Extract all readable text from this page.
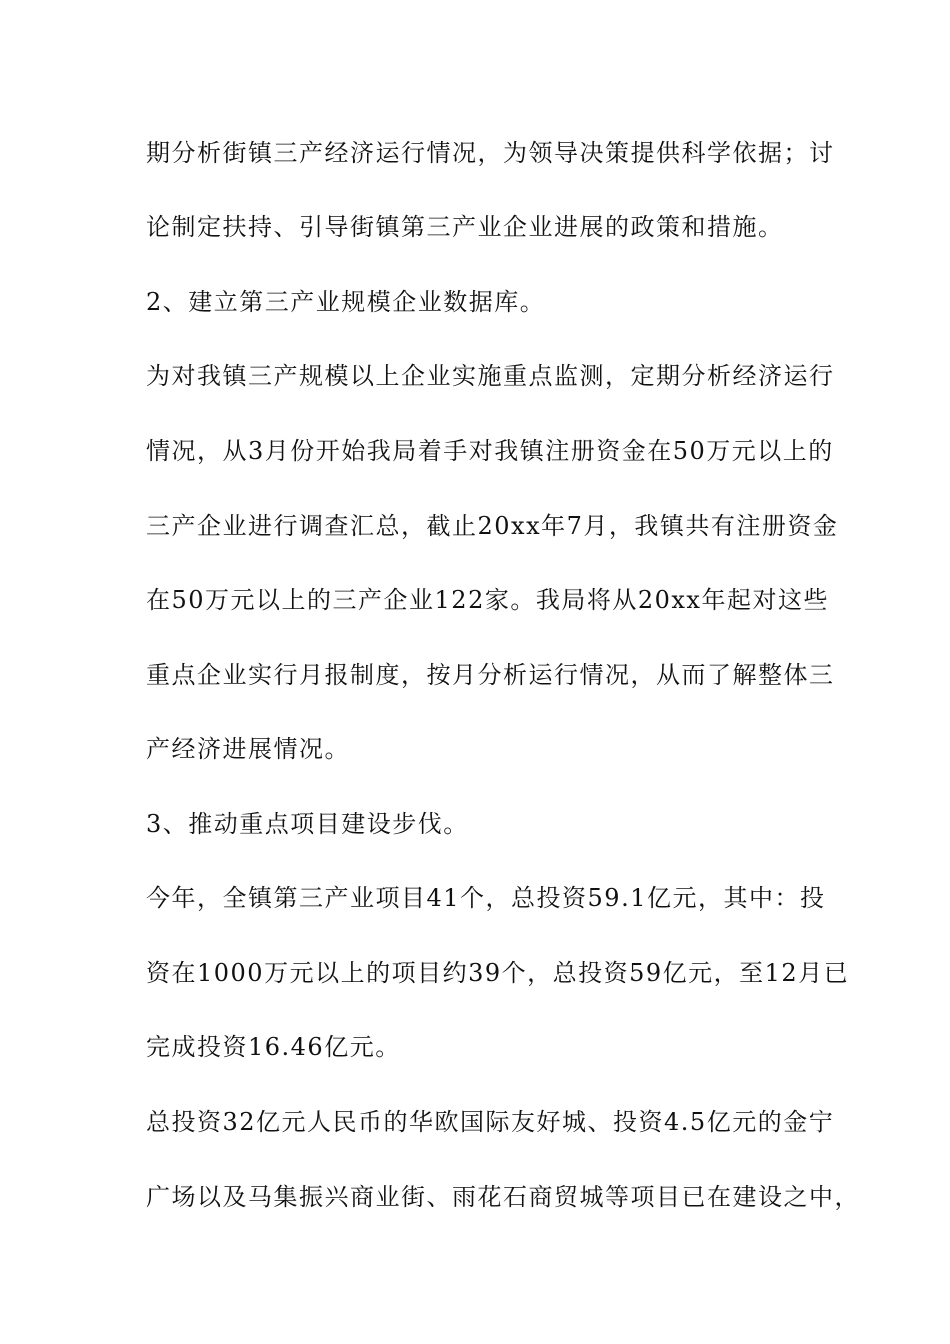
期分析街镇三产经济运行情况，为领导决策提供科学依据；讨
论制定扶持、引导街镇第三产业企业进展的政策和措施。
2、建立第三产业规模企业数据库。
为对我镇三产规模以上企业实施重点监测，定期分析经济运行
情况，从3月份开始我局着手对我镇注册资金在50万元以上的
三产企业进行调查汇总，截止20xx年7月，我镇共有注册资金
在50万元以上的三产企业122家。我局将从20xx年起对这些
重点企业实行月报制度，按月分析运行情况，从而了解整体三
产经济进展情况。
3、推动重点项目建设步伐。
今年，全镇第三产业项目41个，总投资59.1亿元，其中：投
资在1000万元以上的项目约39个，总投资59亿元，至12月已
完成投资16.46亿元。
总投资32亿元人民币的华欧国际友好城、投资4.5亿元的金宁
广场以及马集振兴商业街、雨花石商贸城等项目已在建设之中，
